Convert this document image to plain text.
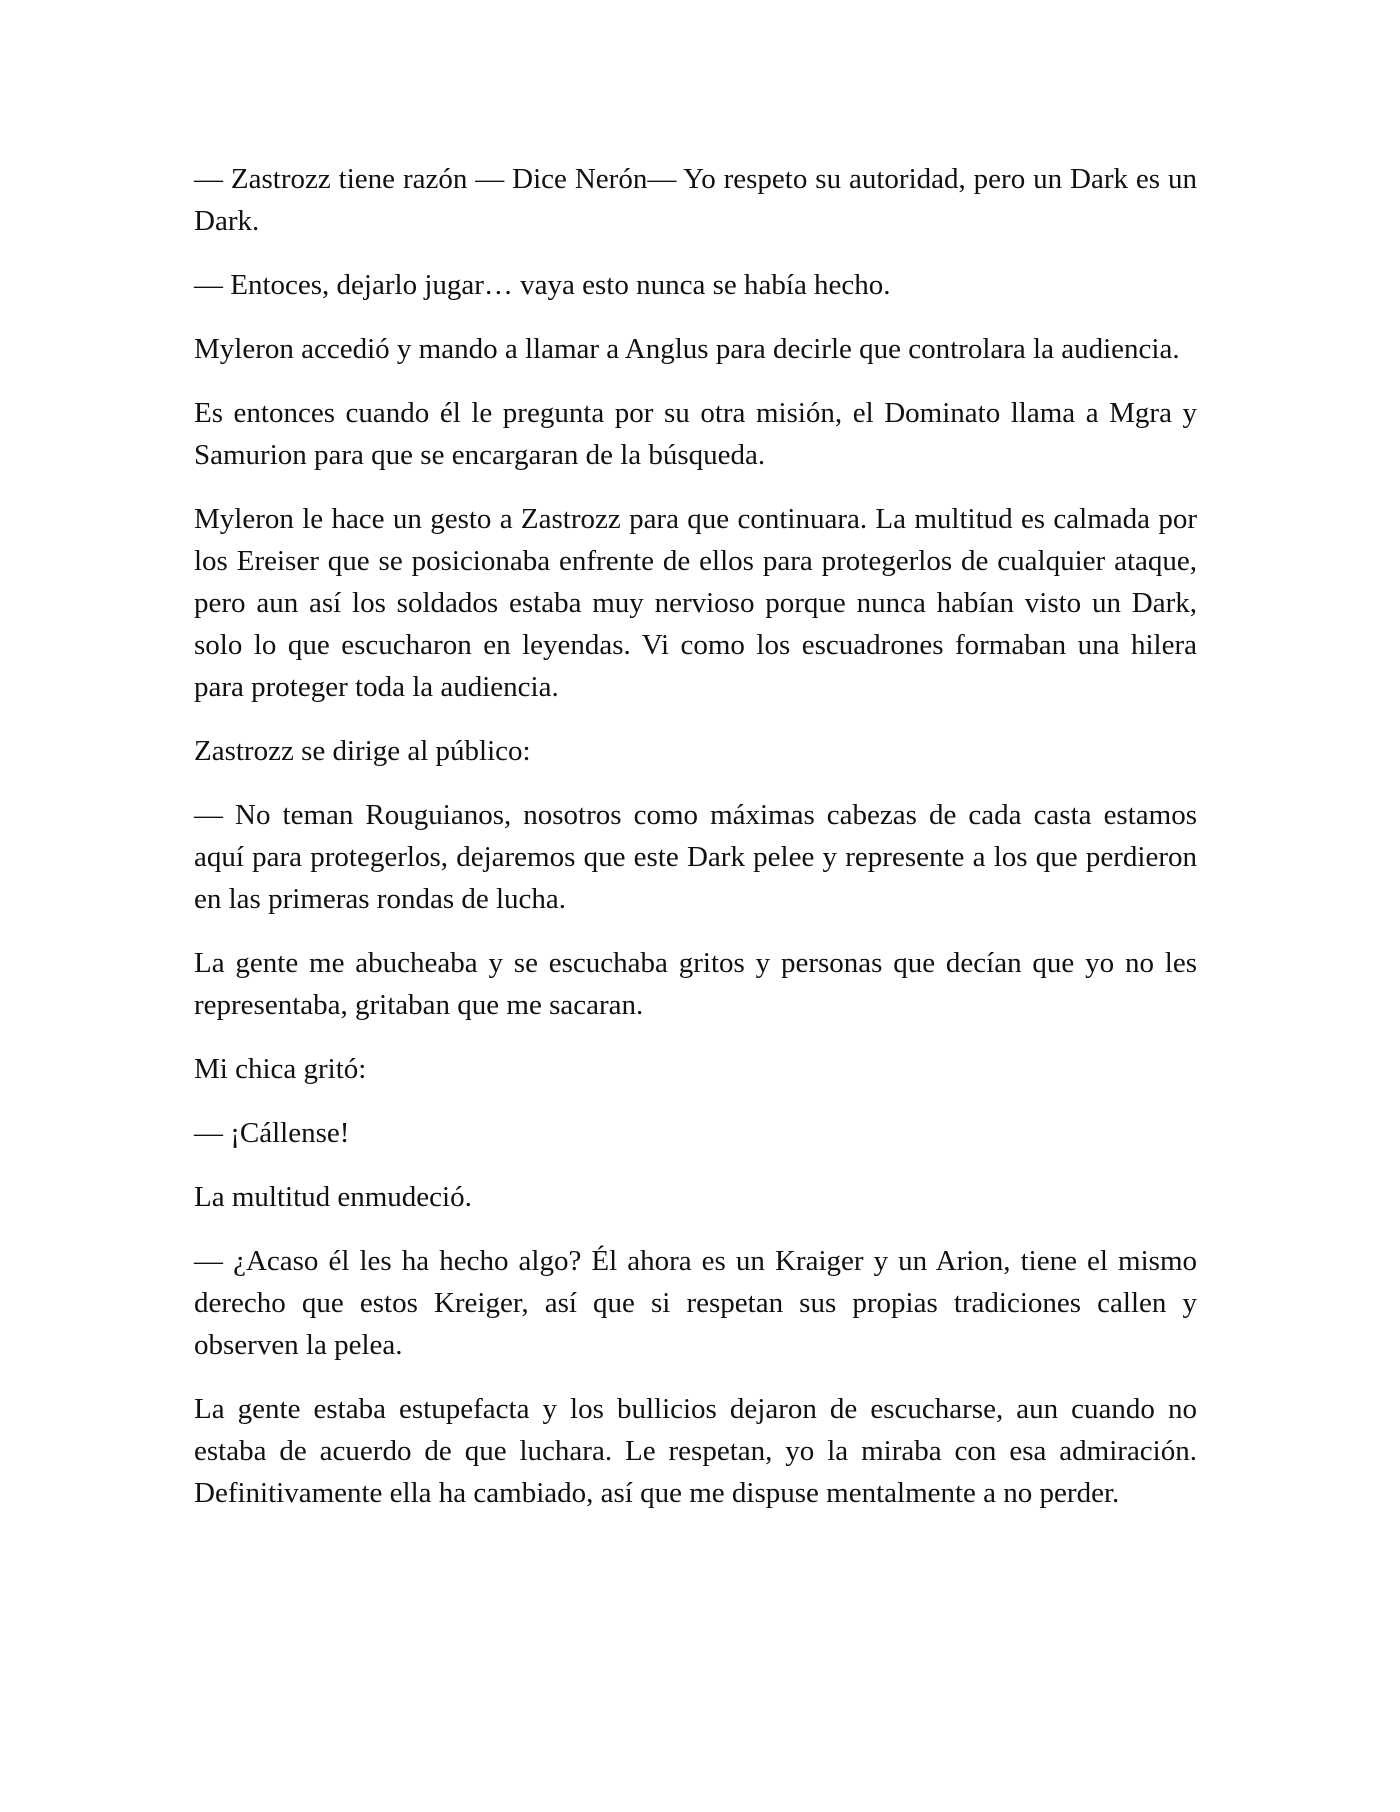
— Zastrozz tiene razón — Dice Nerón— Yo respeto su autoridad, pero un Dark es un Dark.

— Entoces, dejarlo jugar… vaya esto nunca se había hecho.

Myleron accedió y mando a llamar a Anglus para decirle que controlara la audiencia.

Es entonces cuando él le pregunta por su otra misión, el Dominato llama a Mgra y Samurion para que se encargaran de la búsqueda.

Myleron le hace un gesto a Zastrozz para que continuara. La multitud es calmada por los Ereiser que se posicionaba enfrente de ellos para protegerlos de cualquier ataque, pero aun así los soldados estaba muy nervioso porque nunca habían visto un Dark, solo lo que escucharon en leyendas. Vi como los escuadrones formaban una hilera para proteger toda la audiencia.

Zastrozz se dirige al público:

— No teman Rouguianos, nosotros como máximas cabezas de cada casta estamos aquí para protegerlos, dejaremos que este Dark pelee y represente a los que perdieron en las primeras rondas de lucha.

La gente me abucheaba y se escuchaba gritos y personas que decían que yo no les representaba, gritaban que me sacaran.

Mi chica gritó:

— ¡Cállense!

La multitud enmudeció.

— ¿Acaso él les ha hecho algo? Él ahora es un Kraiger y un Arion, tiene el mismo derecho que estos Kreiger, así que si respetan sus propias tradiciones callen y observen la pelea.

La gente estaba estupefacta y los bullicios dejaron de escucharse, aun cuando no estaba de acuerdo de que luchara. Le respetan, yo la miraba con esa admiración. Definitivamente ella ha cambiado, así que me dispuse mentalmente a no perder.
